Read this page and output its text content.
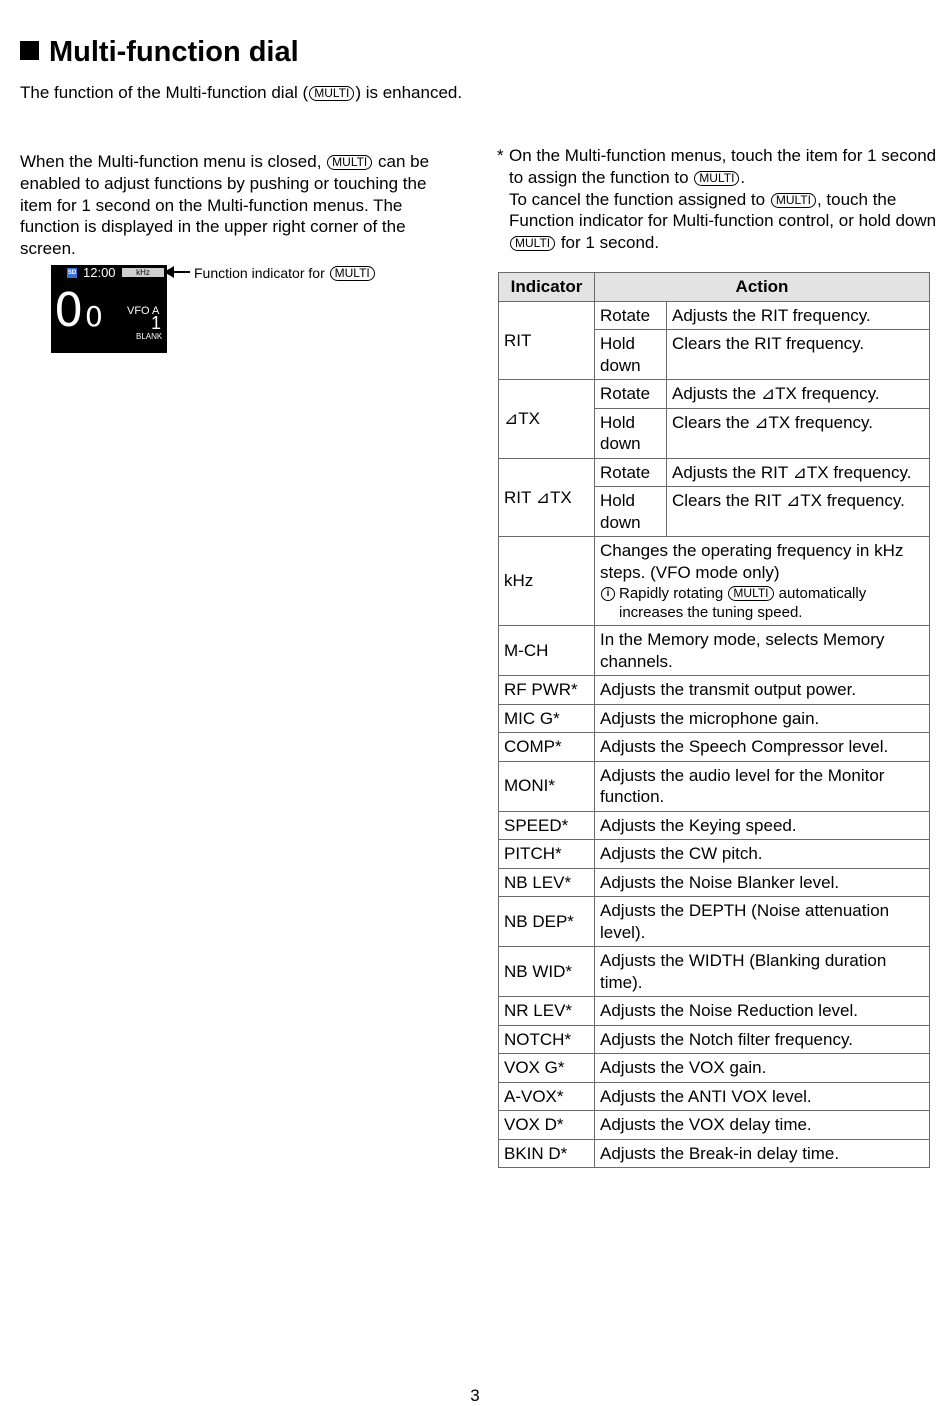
Multi-function dial
The function of the Multi-function dial ( MULTI ) is enhanced.
When the Multi-function menu is closed, MULTI can be enabled to adjust functions by pushing or touching the item for 1 second on the Multi-function menus. The function is displayed in the upper right corner of the screen.
SD 12:00	kHz
0 0 VFO A
1
BLANK
Function indicator for MULTI
* On the Multi-function menus, touch the item for 1 second to assign the function to MULTI .
To cancel the function assigned to MULTI , touch the Function indicator for Multi-function control, or hold down MULTI for 1 second.
Indicator	Action	
RIT	Rotate	Adjusts the RIT frequency.
	Hold down	Clears the RIT frequency.
⊿TX	Rotate	Adjusts the ⊿TX frequency.
	Hold down	Clears the ⊿TX frequency.
RIT ⊿TX	Rotate	Adjusts the RIT ⊿TX frequency.
	Hold down	Clears the RIT ⊿TX frequency.
kHz	Changes the operating frequency in kHz steps. (VFO mode only)
i Rapidly rotating MULTI automatically increases the tuning speed.	

M-CH	In the Memory mode, selects Memory channels.	
RF PWR*	Adjusts the transmit output power.	
MIC G*	Adjusts the microphone gain.	
COMP*	Adjusts the Speech Compressor level.	
MONI*	Adjusts the audio level for the Monitor function.	
SPEED*	Adjusts the Keying speed.	
PITCH*	Adjusts the CW pitch.	
NB LEV*	Adjusts the Noise Blanker level.	
NB DEP*	Adjusts the DEPTH (Noise attenuation level).	
NB WID*	Adjusts the WIDTH (Blanking duration time).	
NR LEV*	Adjusts the Noise Reduction level.	
NOTCH*	Adjusts the Notch filter frequency.	
VOX G*	Adjusts the VOX gain.	
A-VOX*	Adjusts the ANTI VOX level.	
VOX D*	Adjusts the VOX delay time.	
BKIN D*	Adjusts the Break-in delay time.	
3
